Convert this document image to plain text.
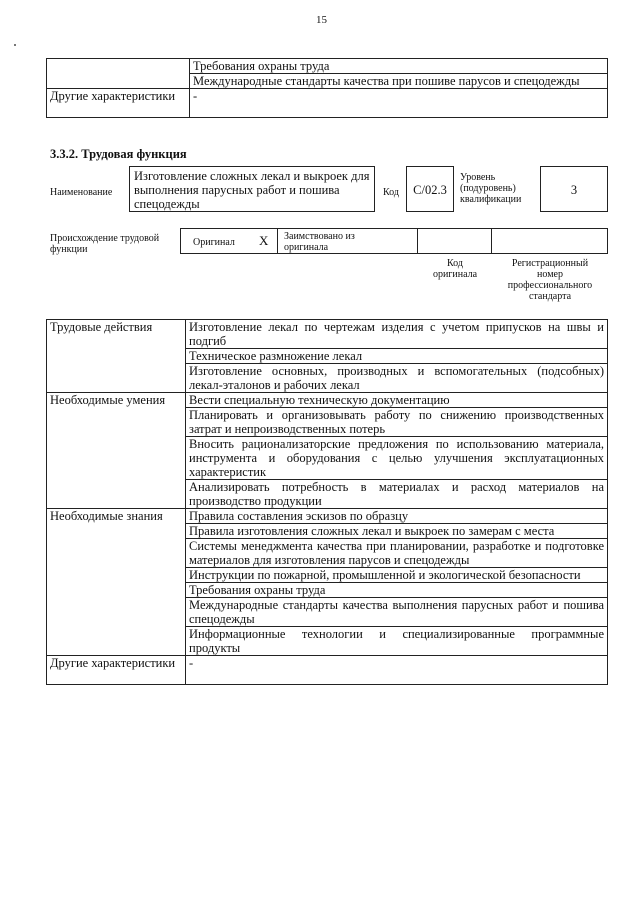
15
	Требования охраны труда
	Международные стандарты качества при пошиве парусов и спецодежды
Другие характеристики	-
3.3.2. Трудовая функция
Наименование
Изготовление сложных лекал и выкроек для выполнения парусных работ и пошива спецодежды
Код	C/02.3
Уровень (подуровень) квалификации
3
Происхождение трудовой функции
Оригинал X Заимствовано из оригинала
Код оригинала
Регистрационный номер профессионального стандарта
Трудовые действия	Изготовление лекал по чертежам изделия с учетом припусков на швы и подгиб
	Техническое размножение лекал
	Изготовление основных, производных и вспомогательных (подсобных) лекал-эталонов и рабочих лекал
Необходимые умения	Вести специальную техническую документацию
	Планировать и организовывать работу по снижению производственных затрат и непроизводственных потерь
	Вносить рационализаторские предложения по использованию материала, инструмента и оборудования с целью улучшения эксплуатационных характеристик
	Анализировать потребность в материалах и расход материалов на производство продукции
Необходимые знания	Правила составления эскизов по образцу
	Правила изготовления сложных лекал и выкроек по замерам с места
	Системы менеджмента качества при планировании, разработке и подготовке материалов для изготовления парусов и спецодежды
	Инструкции по пожарной, промышленной и экологической безопасности
	Требования охраны труда
	Международные стандарты качества выполнения парусных работ и пошива спецодежды
	Информационные технологии и специализированные программные продукты
Другие характеристики	-
